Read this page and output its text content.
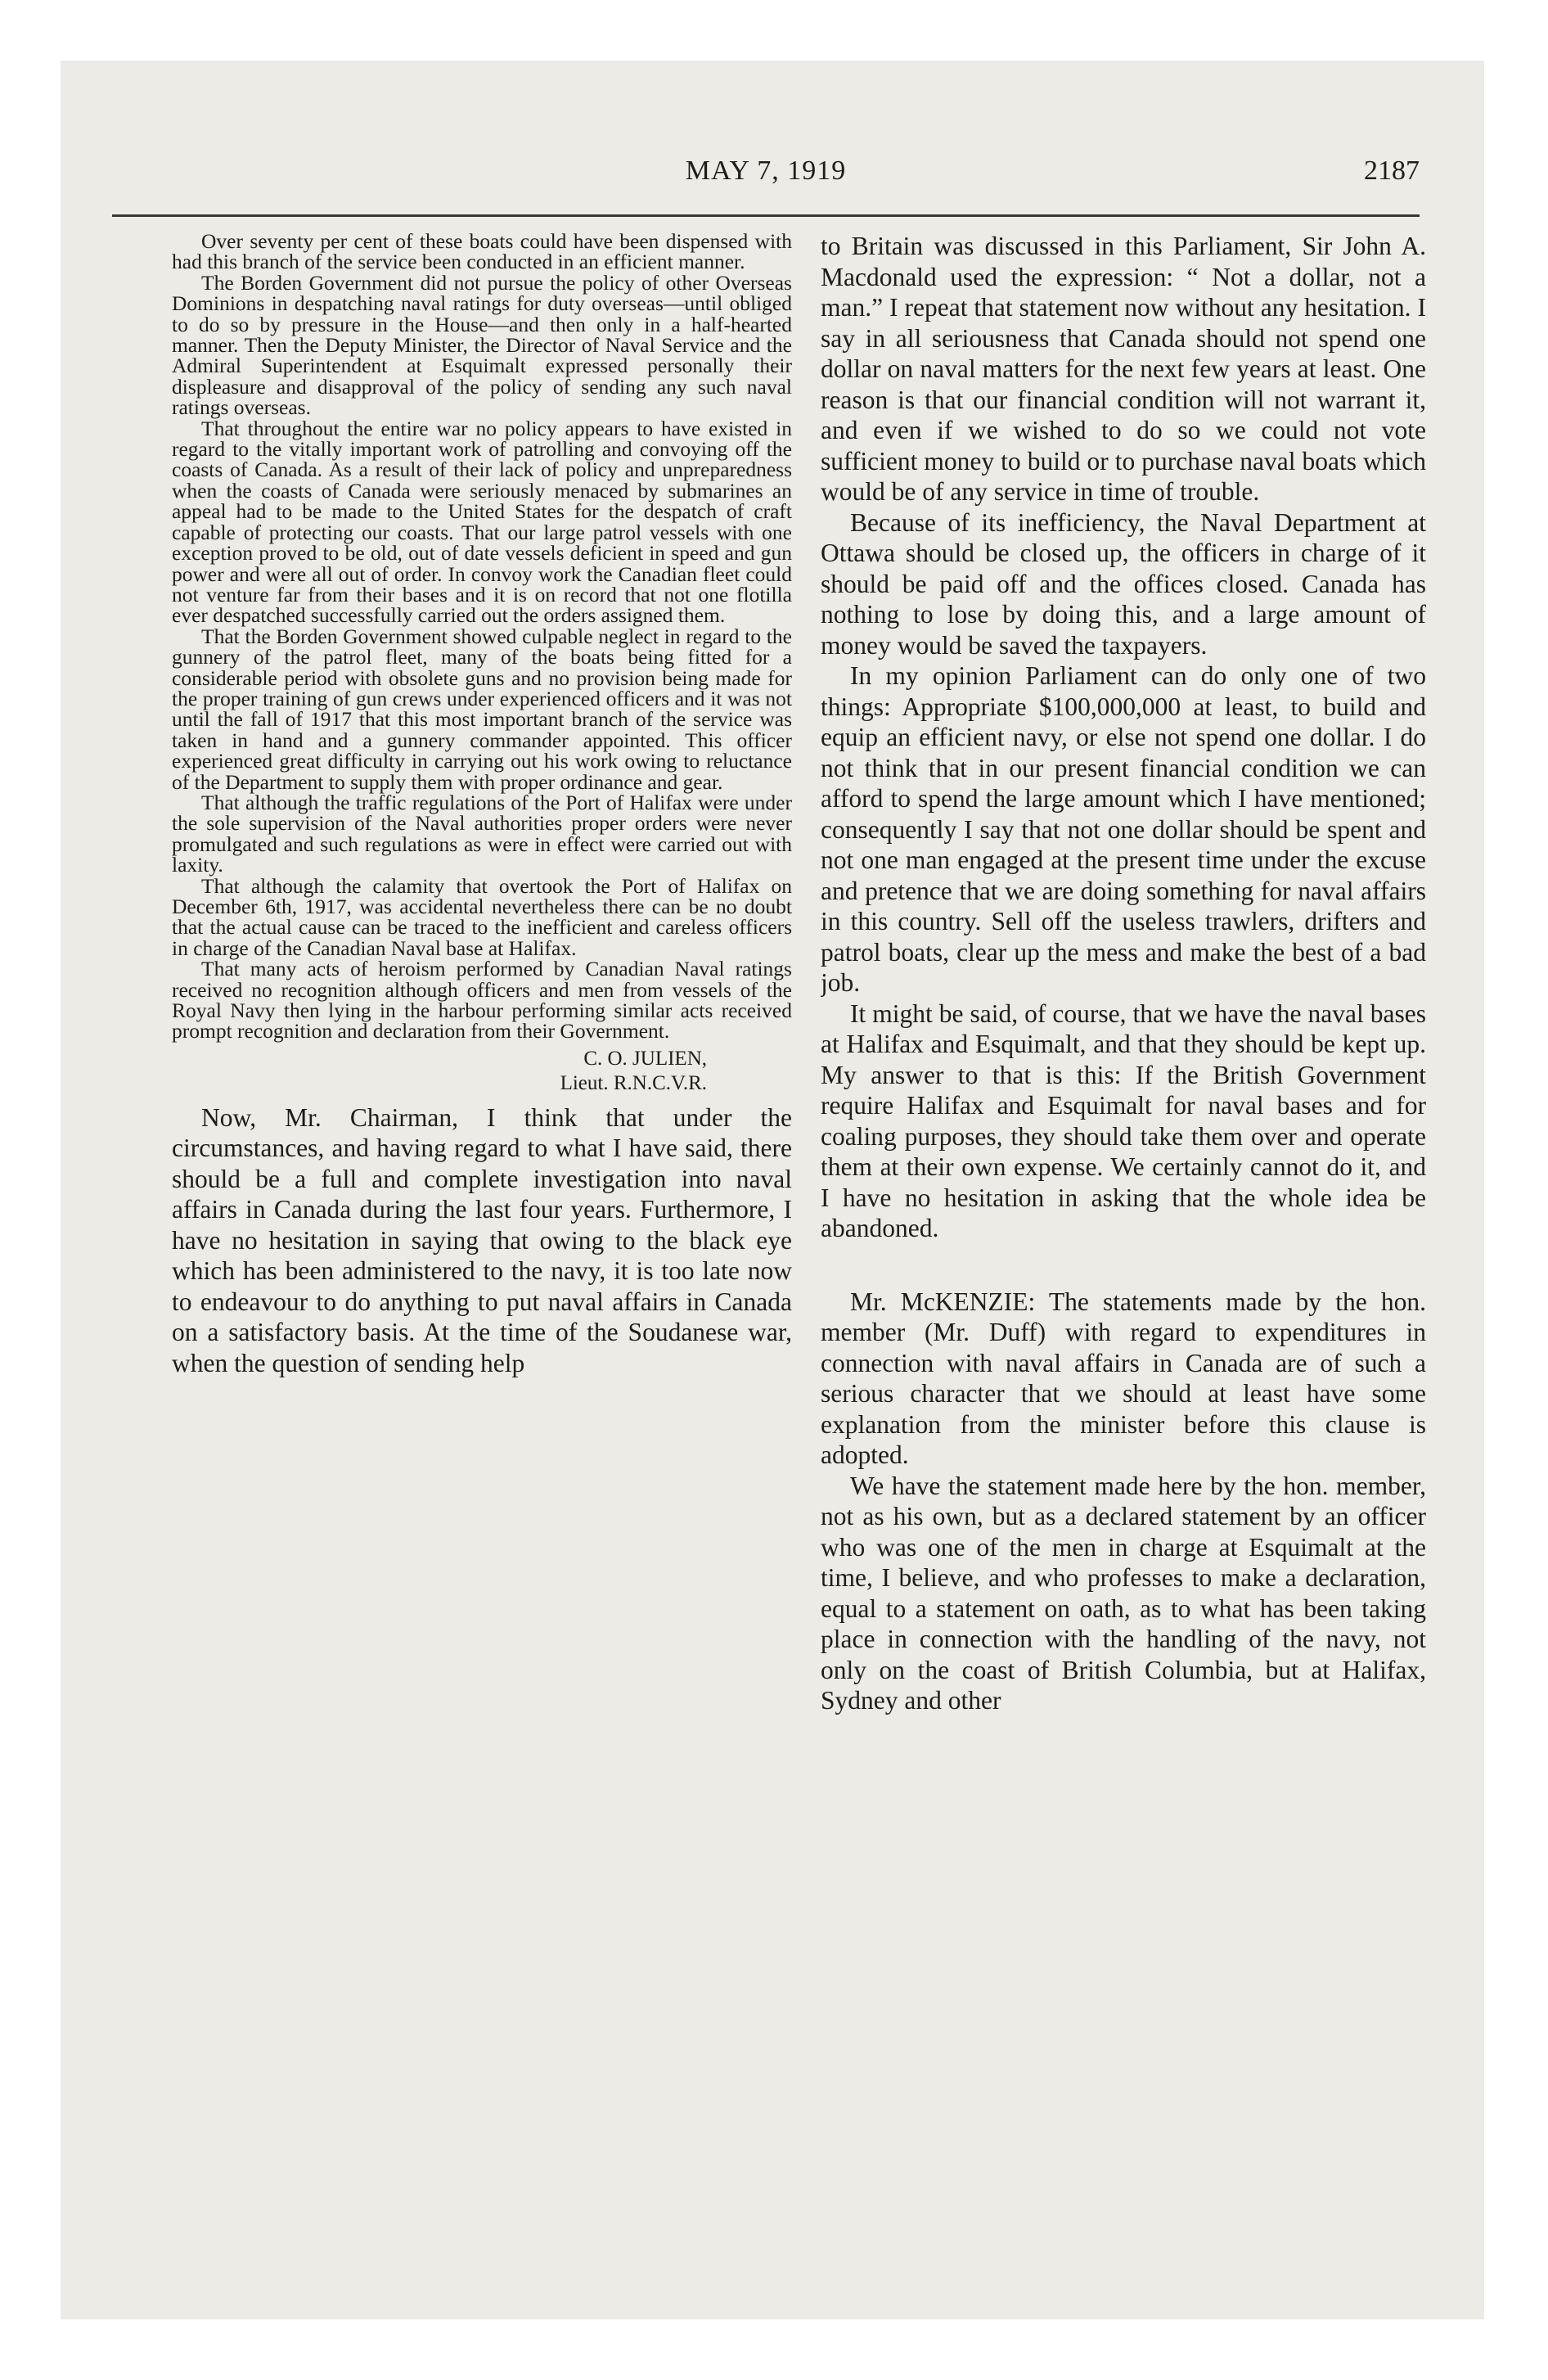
MAY 7, 1919	2187

Over seventy per cent of these boats could have been dispensed with had this branch of the service been conducted in an efficient manner.

The Borden Government did not pursue the policy of other Overseas Dominions in despatching naval ratings for duty overseas—until obliged to do so by pressure in the House—and then only in a half-hearted manner. Then the Deputy Minister, the Director of Naval Service and the Admiral Superintendent at Esquimalt expressed personally their displeasure and disapproval of the policy of sending any such naval ratings overseas.

That throughout the entire war no policy appears to have existed in regard to the vitally important work of patrolling and convoying off the coasts of Canada. As a result of their lack of policy and unpreparedness when the coasts of Canada were seriously menaced by submarines an appeal had to be made to the United States for the despatch of craft capable of protecting our coasts. That our large patrol vessels with one exception proved to be old, out of date vessels deficient in speed and gun power and were all out of order. In convoy work the Canadian fleet could not venture far from their bases and it is on record that not one flotilla ever despatched successfully carried out the orders assigned them.

That the Borden Government showed culpable neglect in regard to the gunnery of the patrol fleet, many of the boats being fitted for a considerable period with obsolete guns and no provision being made for the proper training of gun crews under experienced officers and it was not until the fall of 1917 that this most important branch of the service was taken in hand and a gunnery commander appointed. This officer experienced great difficulty in carrying out his work owing to reluctance of the Department to supply them with proper ordinance and gear.

That although the traffic regulations of the Port of Halifax were under the sole supervision of the Naval authorities proper orders were never promulgated and such regulations as were in effect were carried out with laxity.

That although the calamity that overtook the Port of Halifax on December 6th, 1917, was accidental nevertheless there can be no doubt that the actual cause can be traced to the inefficient and careless officers in charge of the Canadian Naval base at Halifax.

That many acts of heroism performed by Canadian Naval ratings received no recognition although officers and men from vessels of the Royal Navy then lying in the harbour performing similar acts received prompt recognition and declaration from their Government.

C. O. JULIEN,
Lieut. R.N.C.V.R.

Now, Mr. Chairman, I think that under the circumstances, and having regard to what I have said, there should be a full and complete investigation into naval affairs in Canada during the last four years. Furthermore, I have no hesitation in saying that owing to the black eye which has been administered to the navy, it is too late now to endeavour to do anything to put naval affairs in Canada on a satisfactory basis. At the time of the Soudanese war, when the question of sending help

to Britain was discussed in this Parliament, Sir John A. Macdonald used the expression: “ Not a dollar, not a man.” I repeat that statement now without any hesitation. I say in all seriousness that Canada should not spend one dollar on naval matters for the next few years at least. One reason is that our financial condition will not warrant it, and even if we wished to do so we could not vote sufficient money to build or to purchase naval boats which would be of any service in time of trouble.

Because of its inefficiency, the Naval Department at Ottawa should be closed up, the officers in charge of it should be paid off and the offices closed. Canada has nothing to lose by doing this, and a large amount of money would be saved the taxpayers.

In my opinion Parliament can do only one of two things: Appropriate $100,000,000 at least, to build and equip an efficient navy, or else not spend one dollar. I do not think that in our present financial condition we can afford to spend the large amount which I have mentioned; consequently I say that not one dollar should be spent and not one man engaged at the present time under the excuse and pretence that we are doing something for naval affairs in this country. Sell off the useless trawlers, drifters and patrol boats, clear up the mess and make the best of a bad job.

It might be said, of course, that we have the naval bases at Halifax and Esquimalt, and that they should be kept up. My answer to that is this: If the British Government require Halifax and Esquimalt for naval bases and for coaling purposes, they should take them over and operate them at their own expense. We certainly cannot do it, and I have no hesitation in asking that the whole idea be abandoned.

Mr. McKENZIE: The statements made by the hon. member (Mr. Duff) with regard to expenditures in connection with naval affairs in Canada are of such a serious character that we should at least have some explanation from the minister before this clause is adopted.

We have the statement made here by the hon. member, not as his own, but as a declared statement by an officer who was one of the men in charge at Esquimalt at the time, I believe, and who professes to make a declaration, equal to a statement on oath, as to what has been taking place in connection with the handling of the navy, not only on the coast of British Columbia, but at Halifax, Sydney and other
